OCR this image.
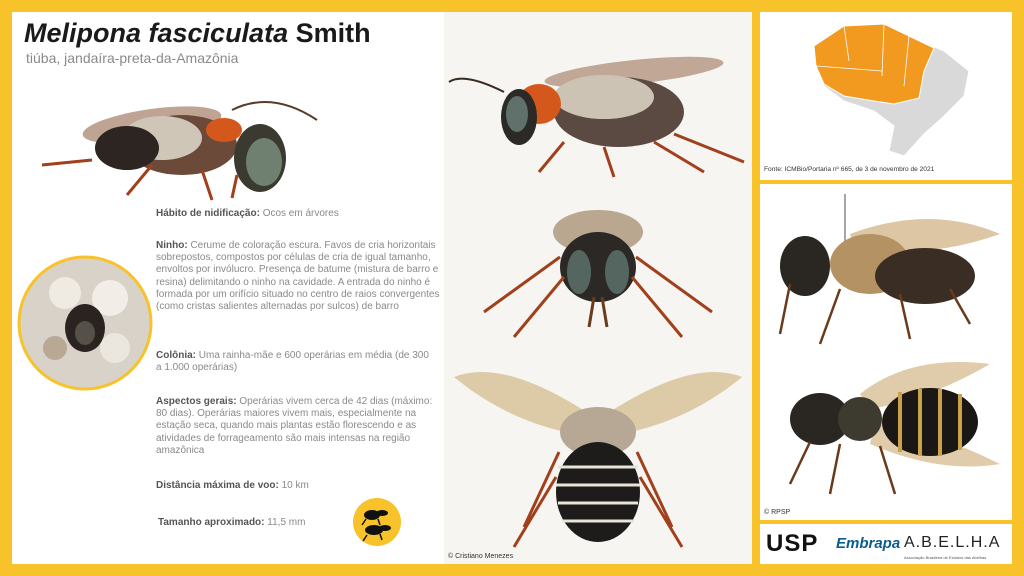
Melipona fasciculata Smith
tiúba, jandaíra-preta-da-Amazônia
Hábito de nidificação: Ocos em árvores
Ninho: Cerume de coloração escura. Favos de cria horizontais sobrepostos, compostos por células de cria de igual tamanho, envoltos por invólucro. Presença de batume (mistura de barro e resina) delimitando o ninho na cavidade. A entrada do ninho é formada por um orifício situado no centro de raios convergentes (como cristas salientes alternadas por sulcos) de barro
Colônia: Uma rainha-mãe e 600 operárias em média (de 300 a 1.000 operárias)
Aspectos gerais: Operárias vivem cerca de 42 dias (máximo: 80 dias). Operárias maiores vivem mais, especialmente na estação seca, quando mais plantas estão florescendo e as atividades de forrageamento são mais intensas na região amazônica
Distância máxima de voo: 10 km
Tamanho aproximado: 11,5 mm
© Cristiano Menezes
Fonte: ICMBio/Portaria nº 665, de 3 de novembro de 2021
© RPSP
USP Embrapa A.B.E.L.H.A
Associação Brasileira de Estudos das Abelhas
